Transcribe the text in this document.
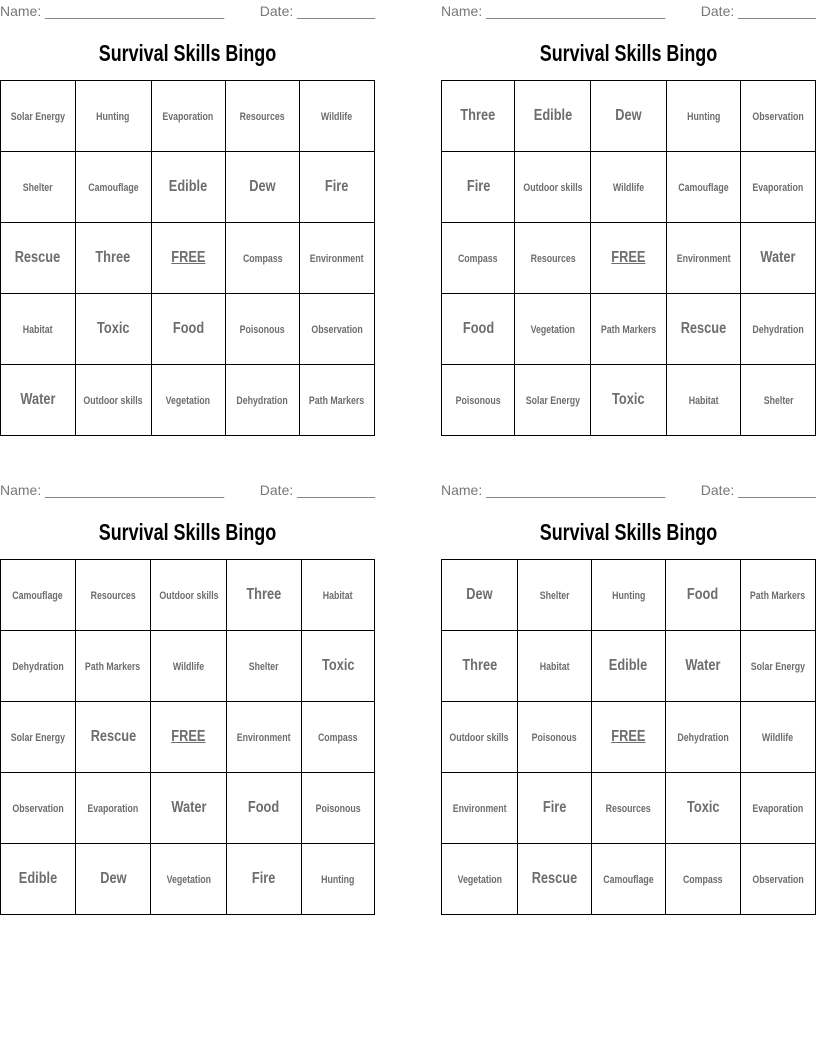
Name: _______________________	Date: __________
Survival Skills Bingo
Solar Energy	Hunting	Evaporation	Resources	Wildlife
Shelter	Camouflage	Edible	Dew	Fire
Rescue	Three	FREE	Compass	Environment
Habitat	Toxic	Food	Poisonous	Observation
Water	Outdoor skills	Vegetation	Dehydration	Path Markers
Name: _______________________	Date: __________
Survival Skills Bingo
Three	Edible	Dew	Hunting	Observation
Fire	Outdoor skills	Wildlife	Camouflage	Evaporation
Compass	Resources	FREE	Environment	Water
Food	Vegetation	Path Markers	Rescue	Dehydration
Poisonous	Solar Energy	Toxic	Habitat	Shelter
Name: _______________________	Date: __________
Survival Skills Bingo
Camouflage	Resources	Outdoor skills	Three	Habitat
Dehydration	Path Markers	Wildlife	Shelter	Toxic
Solar Energy	Rescue	FREE	Environment	Compass
Observation	Evaporation	Water	Food	Poisonous
Edible	Dew	Vegetation	Fire	Hunting
Name: _______________________	Date: __________
Survival Skills Bingo
Dew	Shelter	Hunting	Food	Path Markers
Three	Habitat	Edible	Water	Solar Energy
Outdoor skills	Poisonous	FREE	Dehydration	Wildlife
Environment	Fire	Resources	Toxic	Evaporation
Vegetation	Rescue	Camouflage	Compass	Observation
